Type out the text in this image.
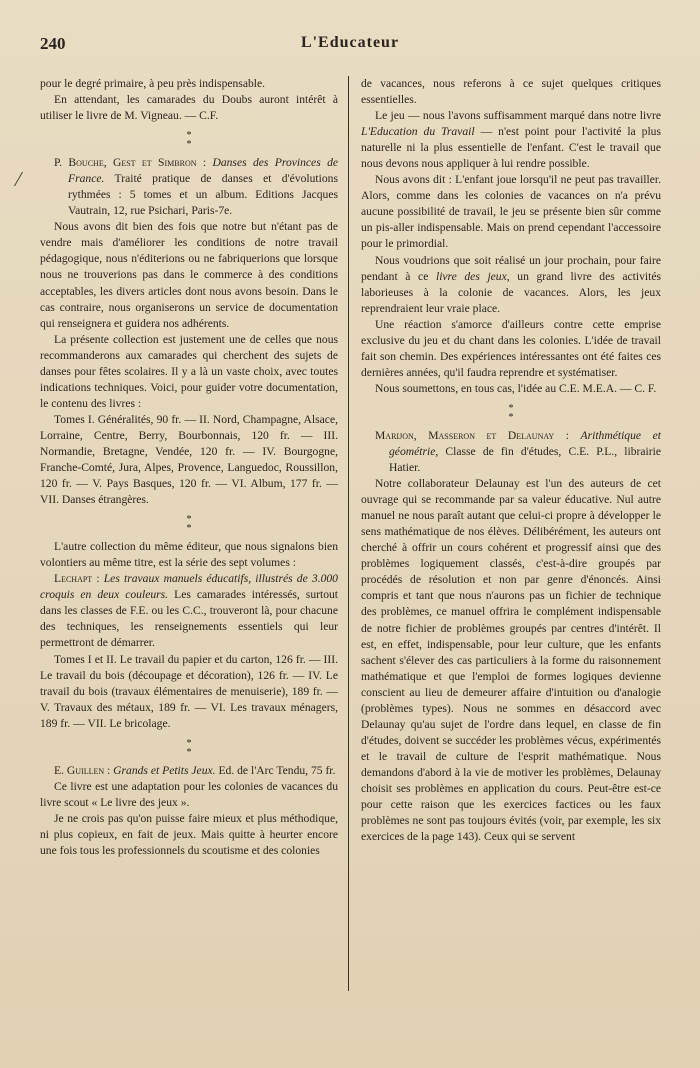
240	L'Educateur

pour le degré primaire, à peu près indispensable.

En attendant, les camarades du Doubs auront intérêt à utiliser le livre de M. Vigneau. — C.F.

*
*

P. Bouche, Gest et Simbron : Danses des Provinces de France. Traité pratique de danses et d'évolutions rythmées : 5 tomes et un album. Editions Jacques Vautrain, 12, rue Psichari, Paris-7e.

Nous avons dit bien des fois que notre but n'étant pas de vendre mais d'améliorer les conditions de notre travail pédagogique, nous n'éditerions ou ne fabriquerions que lorsque nous ne trouverions pas dans le commerce à des conditions acceptables, les divers articles dont nous avons besoin. Dans le cas contraire, nous organiserons un service de documentation qui renseignera et guidera nos adhérents.

La présente collection est justement une de celles que nous recommanderons aux camarades qui cherchent des sujets de danses pour fêtes scolaires. Il y a là un vaste choix, avec toutes indications techniques. Voici, pour guider votre documentation, le contenu des livres :

Tomes I. Généralités, 90 fr. — II. Nord, Champagne, Alsace, Lorraine, Centre, Berry, Bourbonnais, 120 fr. — III. Normandie, Bretagne, Vendée, 120 fr. — IV. Bourgogne, Franche-Comté, Jura, Alpes, Provence, Languedoc, Roussillon, 120 fr. — V. Pays Basques, 120 fr. — VI. Album, 177 fr. — VII. Danses étrangères.

*
*

L'autre collection du même éditeur, que nous signalons bien volontiers au même titre, est la série des sept volumes :

Lechapt : Les travaux manuels éducatifs, illustrés de 3.000 croquis en deux couleurs. Les camarades intéressés, surtout dans les classes de F.E. ou les C.C., trouveront là, pour chacune des techniques, les renseignements essentiels qui leur permettront de démarrer.

Tomes I et II. Le travail du papier et du carton, 126 fr. — III. Le travail du bois (découpage et décoration), 126 fr. — IV. Le travail du bois (travaux élémentaires de menuiserie), 189 fr. — V. Travaux des métaux, 189 fr. — VI. Les travaux ménagers, 189 fr. — VII. Le bricolage.

*
*

E. Guillen : Grands et Petits Jeux. Ed. de l'Arc Tendu, 75 fr.

Ce livre est une adaptation pour les colonies de vacances du livre scout « Le livre des jeux ».

Je ne crois pas qu'on puisse faire mieux et plus méthodique, ni plus copieux, en fait de jeux. Mais quitte à heurter encore une fois tous les professionnels du scoutisme et des colonies

de vacances, nous referons à ce sujet quelques critiques essentielles.

Le jeu — nous l'avons suffisamment marqué dans notre livre L'Education du Travail — n'est point pour l'activité la plus naturelle ni la plus essentielle de l'enfant. C'est le travail que nous devons nous appliquer à lui rendre possible.

Nous avons dit : L'enfant joue lorsqu'il ne peut pas travailler. Alors, comme dans les colonies de vacances on n'a prévu aucune possibilité de travail, le jeu se présente bien sûr comme un pis-aller indispensable. Mais on prend cependant l'accessoire pour le primordial.

Nous voudrions que soit réalisé un jour prochain, pour faire pendant à ce livre des jeux, un grand livre des activités laborieuses à la colonie de vacances. Alors, les jeux reprendraient leur vraie place.

Une réaction s'amorce d'ailleurs contre cette emprise exclusive du jeu et du chant dans les colonies. L'idée de travail fait son chemin. Des expériences intéressantes ont été faites ces dernières années, qu'il faudra reprendre et systématiser.

Nous soumettons, en tous cas, l'idée au C.E. M.E.A. — C. F.

*
*

Marijon, Masseron et Delaunay : Arithmétique et géométrie, Classe de fin d'études, C.E. P.L., librairie Hatier.

Notre collaborateur Delaunay est l'un des auteurs de cet ouvrage qui se recommande par sa valeur éducative. Nul autre manuel ne nous paraît autant que celui-ci propre à développer le sens mathématique de nos élèves. Délibérément, les auteurs ont cherché à offrir un cours cohérent et progressif ainsi que des problèmes logiquement classés, c'est-à-dire groupés par procédés de résolution et non par genre d'énoncés. Ainsi compris et tant que nous n'aurons pas un fichier de technique des problèmes, ce manuel offrira le complément indispensable de notre fichier de problèmes groupés par centres d'intérêt. Il est, en effet, indispensable, pour leur culture, que les enfants sachent s'élever des cas particuliers à la forme du raisonnement mathématique et que l'emploi de formes logiques devienne conscient au lieu de demeurer affaire d'intuition ou d'analogie (problèmes types). Nous ne sommes en désaccord avec Delaunay qu'au sujet de l'ordre dans lequel, en classe de fin d'études, doivent se succéder les problèmes vécus, expérimentés et le travail de culture de l'esprit mathématique. Nous demandons d'abord à la vie de motiver les problèmes, Delaunay choisit ses problèmes en application du cours. Peut-être est-ce pour cette raison que les exercices factices ou les faux problèmes ne sont pas toujours évités (voir, par exemple, les six exercices de la page 143). Ceux qui se servent
